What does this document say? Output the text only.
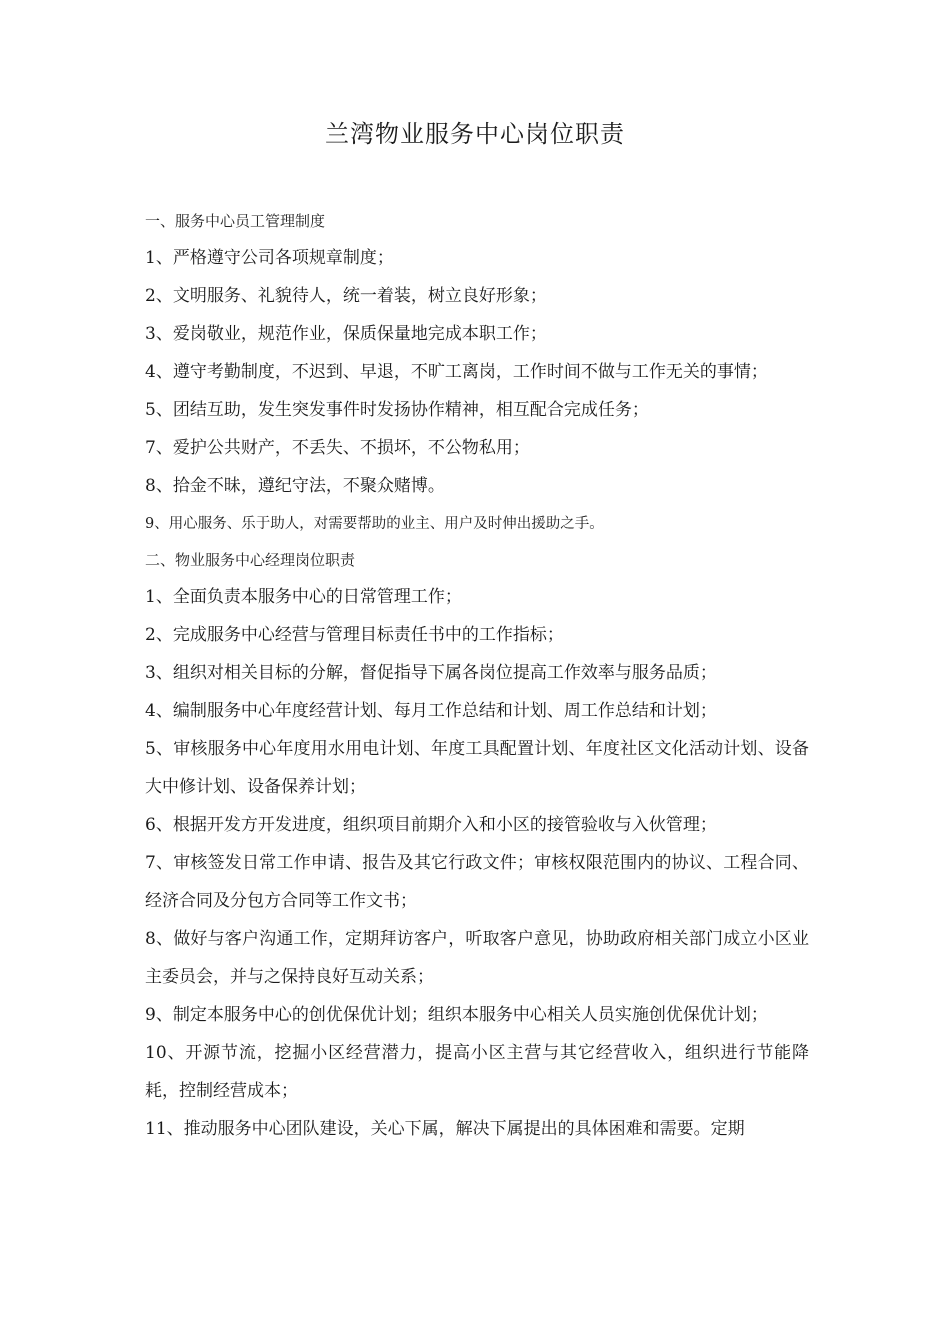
兰湾物业服务中心岗位职责
一、服务中心员工管理制度

1、严格遵守公司各项规章制度；

2、文明服务、礼貌待人，统一着装，树立良好形象；

3、爱岗敬业，规范作业，保质保量地完成本职工作；

4、遵守考勤制度，不迟到、早退，不旷工离岗，工作时间不做与工作无关的事情；

5、团结互助，发生突发事件时发扬协作精神，相互配合完成任务；

7、爱护公共财产，不丢失、不损坏，不公物私用；

8、拾金不昧，遵纪守法，不聚众赌博。

9、用心服务、乐于助人，对需要帮助的业主、用户及时伸出援助之手。

二、物业服务中心经理岗位职责

1、全面负责本服务中心的日常管理工作；

2、完成服务中心经营与管理目标责任书中的工作指标；

3、组织对相关目标的分解，督促指导下属各岗位提高工作效率与服务品质；

4、编制服务中心年度经营计划、每月工作总结和计划、周工作总结和计划；

5、审核服务中心年度用水用电计划、年度工具配置计划、年度社区文化活动计划、设备大中修计划、设备保养计划；

6、根据开发方开发进度，组织项目前期介入和小区的接管验收与入伙管理；

7、审核签发日常工作申请、报告及其它行政文件；审核权限范围内的协议、工程合同、经济合同及分包方合同等工作文书；

8、做好与客户沟通工作，定期拜访客户，听取客户意见，协助政府相关部门成立小区业主委员会，并与之保持良好互动关系；

9、制定本服务中心的创优保优计划；组织本服务中心相关人员实施创优保优计划；

10、开源节流，挖掘小区经营潜力，提高小区主营与其它经营收入，组织进行节能降耗，控制经营成本；

11、推动服务中心团队建设，关心下属，解决下属提出的具体困难和需要。定期
